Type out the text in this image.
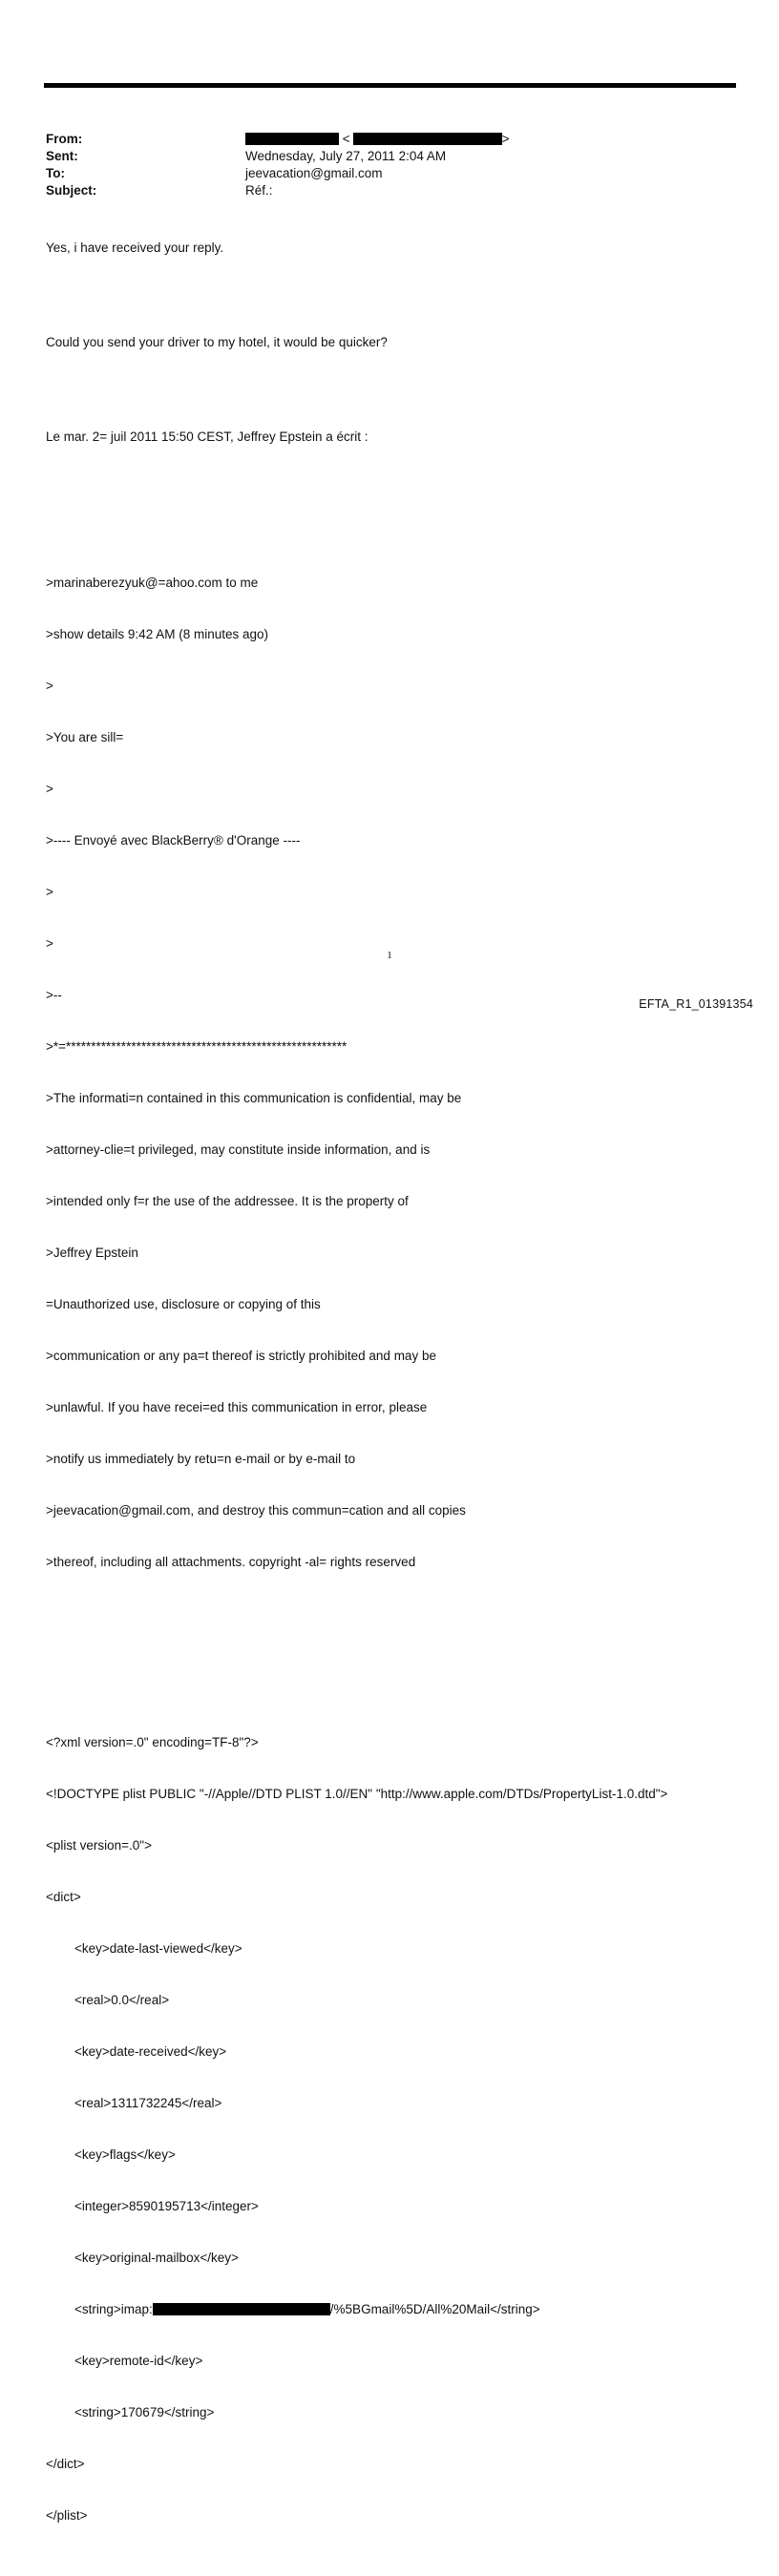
From:	<	>
Sent:	Wednesday, July 27, 2011 2:04 AM
To:	jeevacation@gmail.com
Subject:	Réf.:

Yes, i have received your reply.

Could you send your driver to my hotel, it would be quicker?

Le mar. 2= juil 2011 15:50 CEST, Jeffrey Epstein a écrit :

>marinaberezyuk@=ahoo.com to me

>show details 9:42 AM (8 minutes ago)

>

>You are sill=

>

>---- Envoyé avec BlackBerry® d'Orange ----

>

>

>--

>*=********************************************************

>The informati=n contained in this communication is confidential, may be

>attorney-clie=t privileged, may constitute inside information, and is

>intended only f=r the use of the addressee. It is the property of

>Jeffrey Epstein

=Unauthorized use, disclosure or copying of this

>communication or any pa=t thereof is strictly prohibited and may be

>unlawful. If you have recei=ed this communication in error, please

>notify us immediately by retu=n e-mail or by e-mail to

>jeevacation@gmail.com, and destroy this commun=cation and all copies

>thereof, including all attachments. copyright -al= rights reserved

<?xml version=.0" encoding=TF-8"?>

<!DOCTYPE plist PUBLIC "-//Apple//DTD PLIST 1.0//EN" "http://www.apple.com/DTDs/PropertyList-1.0.dtd">

<plist version=.0">

<dict>

<key>date-last-viewed</key>

<real>0.0</real>

<key>date-received</key>

<real>1311732245</real>

<key>flags</key>

<integer>8590195713</integer>

<key>original-mailbox</key>

<string>imap:	/%5BGmail%5D/All%20Mail</string>

<key>remote-id</key>

<string>170679</string>

</dict>

</plist>

1
EFTA_R1_01391354
